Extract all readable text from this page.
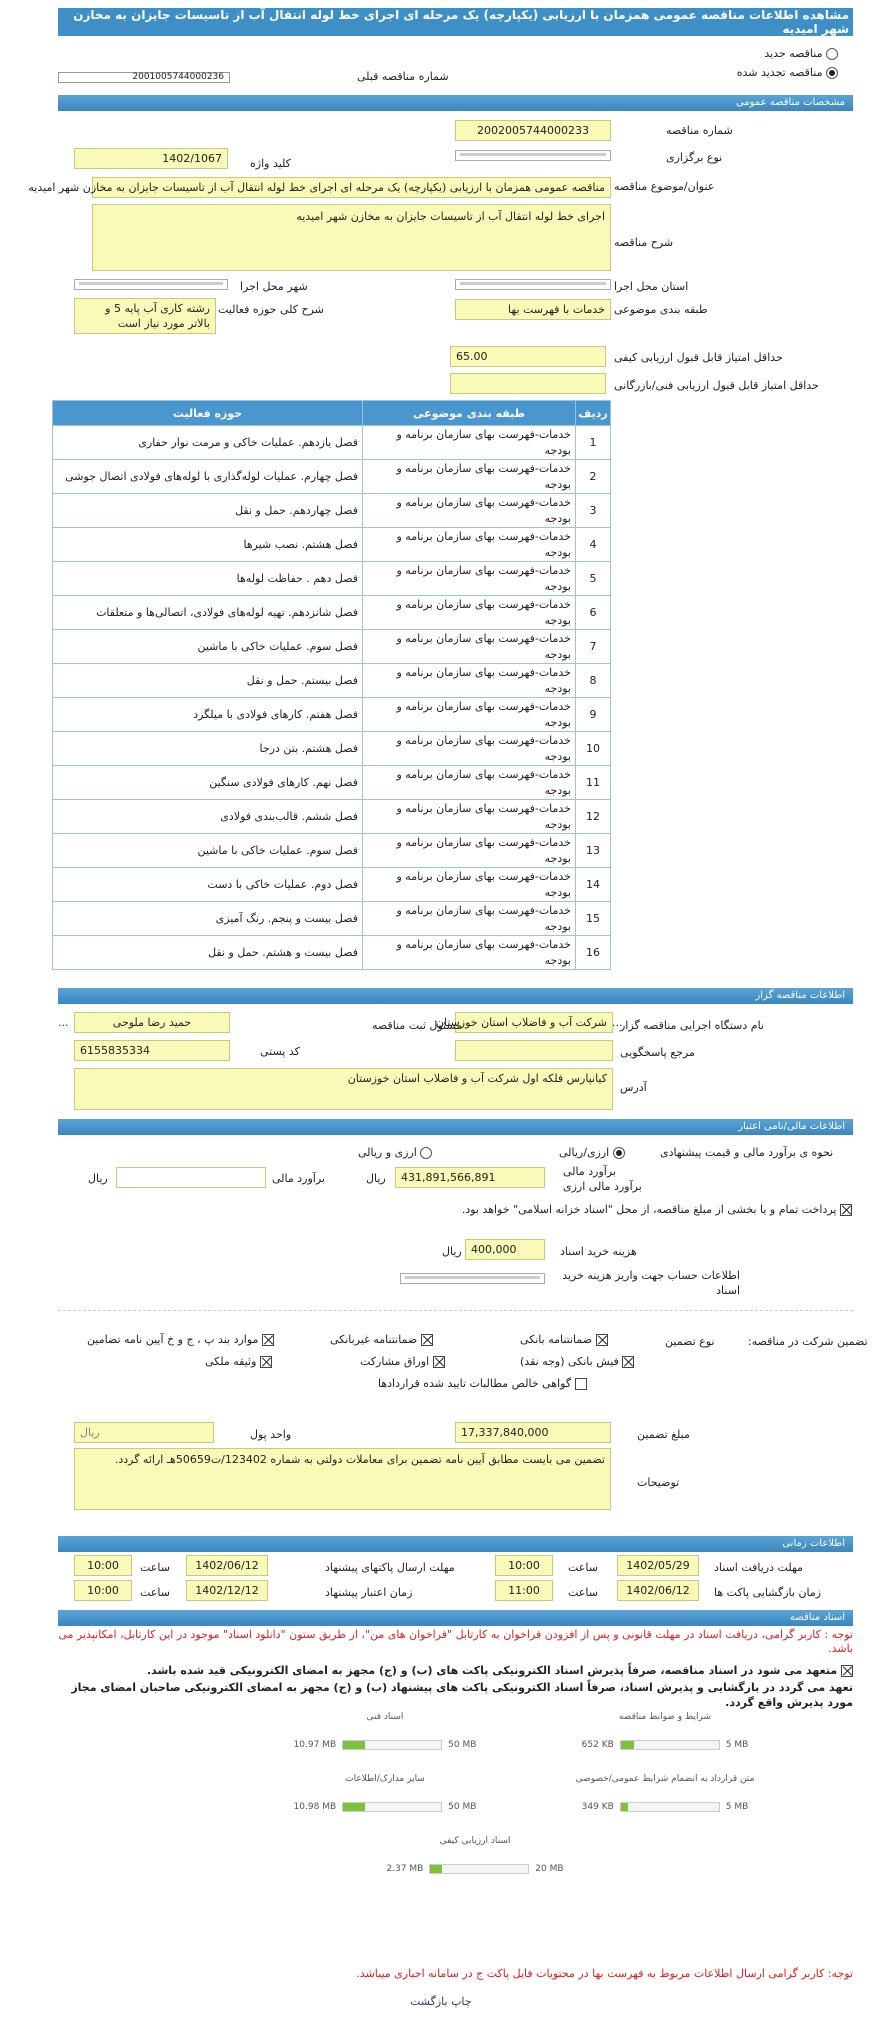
مشاهده اطلاعات مناقصه عمومی همزمان با ارزیابی (یکپارچه) یک مرحله ای اجرای خط لوله انتقال آب از تاسیسات جایزان به مخازن شهر امیدیه
مناقصه جدید
مناقصه تجدید شده
شماره مناقصه قبلی
2001005744000236
مشخصات مناقصه عمومی
شماره مناقصه
2002005744000233
نوع برگزاری
کلید واژه
1402/1067
عنوان/موضوع مناقصه
مناقصه عمومی همزمان با ارزیابی (یکپارچه) یک مرحله ای اجرای خط لوله انتقال آب از تاسیسات جایزان به مخازن شهر امیدیه
شرح مناقصه
اجرای خط لوله انتقال آب از تاسیسات جایزان به مخازن شهر امیدیه
استان محل اجرا
شهر محل اجرا
طبقه بندی موضوعی
خدمات با فهرست بها
شرح کلی حوزه فعالیت
رشته کاری آب پایه 5 و بالاتر مورد نیاز است
حداقل امتیاز قابل قبول ارزیابی کیفی
65.00
حداقل امتیاز قابل قبول ارزیابی فنی/بازرگانی
ردیف	طبقه بندی موضوعی	حوزه فعالیت
1	خدمات-فهرست بهای سازمان برنامه و بودجه	فصل یازدهم. عملیات خاکی و مرمت نوار حفاری
2	خدمات-فهرست بهای سازمان برنامه و بودجه	فصل چهارم. عملیات لوله‌گذاری با لوله‌های فولادی اتصال جوشی
3	خدمات-فهرست بهای سازمان برنامه و بودجه	فصل چهاردهم. حمل و نقل
4	خدمات-فهرست بهای سازمان برنامه و بودجه	فصل هشتم. نصب شیرها
5	خدمات-فهرست بهای سازمان برنامه و بودجه	فصل دهم . حفاظت لوله‌ها
6	خدمات-فهرست بهای سازمان برنامه و بودجه	فصل شانزدهم. تهیه لوله‌های فولادی، اتصالی‌ها و متعلقات
7	خدمات-فهرست بهای سازمان برنامه و بودجه	فصل سوم. عملیات خاکی با ماشین
8	خدمات-فهرست بهای سازمان برنامه و بودجه	فصل بیستم. حمل و نقل
9	خدمات-فهرست بهای سازمان برنامه و بودجه	فصل هفتم. کارهای فولادی با میلگرد
10	خدمات-فهرست بهای سازمان برنامه و بودجه	فصل هشتم. بتن درجا
11	خدمات-فهرست بهای سازمان برنامه و بودجه	فصل نهم. کارهای فولادی سنگین
12	خدمات-فهرست بهای سازمان برنامه و بودجه	فصل ششم. قالب‌بندی فولادی
13	خدمات-فهرست بهای سازمان برنامه و بودجه	فصل سوم. عملیات خاکی با ماشین
14	خدمات-فهرست بهای سازمان برنامه و بودجه	فصل دوم. عملیات خاکی با دست
15	خدمات-فهرست بهای سازمان برنامه و بودجه	فصل بیست و پنجم. رنگ آمیزی
16	خدمات-فهرست بهای سازمان برنامه و بودجه	فصل بیست و هشتم. حمل و نقل
اطلاعات مناقصه گزار
نام دستگاه اجرایی مناقصه گزار
شرکت آب و فاضلاب استان خوزستان
مسئول ثبت مناقصه
حمید رضا ملوحی
...	...
مرجع پاسخگویی
کد پستی
6155835334
آدرس
کیانپارس فلکه اول شرکت آب و فاضلاب استان خوزستان
اطلاعات مالی/نامی اعتبار
نحوه ی برآورد مالی و قیمت پیشنهادی
ارزی/ریالی
ارزی و ریالی
برآورد مالی
برآورد مالی ارزی
431,891,566,891
ریال
برآورد مالی
ریال
پرداخت تمام و یا بخشی از مبلغ مناقصه، از محل "اسناد خزانه اسلامی" خواهد بود.
هزینه خرید اسناد
400,000
ریال
اطلاعات حساب جهت واریز هزینه خرید اسناد
تضمین شرکت در مناقصه:
نوع تضمین
ضمانتنامه بانکی
ضمانتنامه غیربانکی
موارد بند پ ، ج و خ آیین نامه تضامین
فیش بانکی (وجه نقد)
اوراق مشارکت
وثیقه ملکی
گواهی خالص مطالبات تایید شده قراردادها
مبلغ تضمین
17,337,840,000
واحد پول
ریال
توضیحات
تضمین می بایست مطابق آیین نامه تضمین برای معاملات دولتی به شماره 123402/ت50659هـ ارائه گردد.
اطلاعات زمانی
مهلت دریافت اسناد
1402/05/29
ساعت
10:00
مهلت ارسال پاکتهای پیشنهاد
1402/06/12
ساعت
10:00
زمان بازگشایی پاکت ها
1402/06/12
ساعت
11:00
زمان اعتبار پیشنهاد
1402/12/12
ساعت
10:00
اسناد مناقصه
توجه : کاربر گرامی، دریافت اسناد در مهلت قانونی و پس از افزودن فراخوان به کارتابل "فراخوان های من"، از طریق ستون "دانلود اسناد" موجود در این کارتابل، امکانپذیر می باشد.
متعهد می شود در اسناد مناقصه، صرفاً پذیرش اسناد الکترونیکی پاکت های (ب) و (ج) مجهز به امضای الکترونیکی قید شده باشد.
تعهد می گردد در بارگشایی و پذیرش اسناد، صرفاً اسناد الکترونیکی پاکت های پیشنهاد (ب) و (ج) مجهز به امضای الکترونیکی صاحبان امضای مجاز مورد پذیرش واقع گردد.
شرایط و ضوابط مناقصه
652 KB	5 MB
اسناد فنی
10.97 MB	50 MB
متن قرارداد به انضمام شرایط عمومی/خصوصی
349 KB	5 MB
سایر مدارک/اطلاعات
10.98 MB	50 MB
اسناد ارزیابی کیفی
2.37 MB	20 MB
توجه: کاربر گرامی ارسال اطلاعات مربوط به فهرست بها در محتویات فایل پاکت ج در سامانه اجباری میباشد.
چاپ بازگشت
